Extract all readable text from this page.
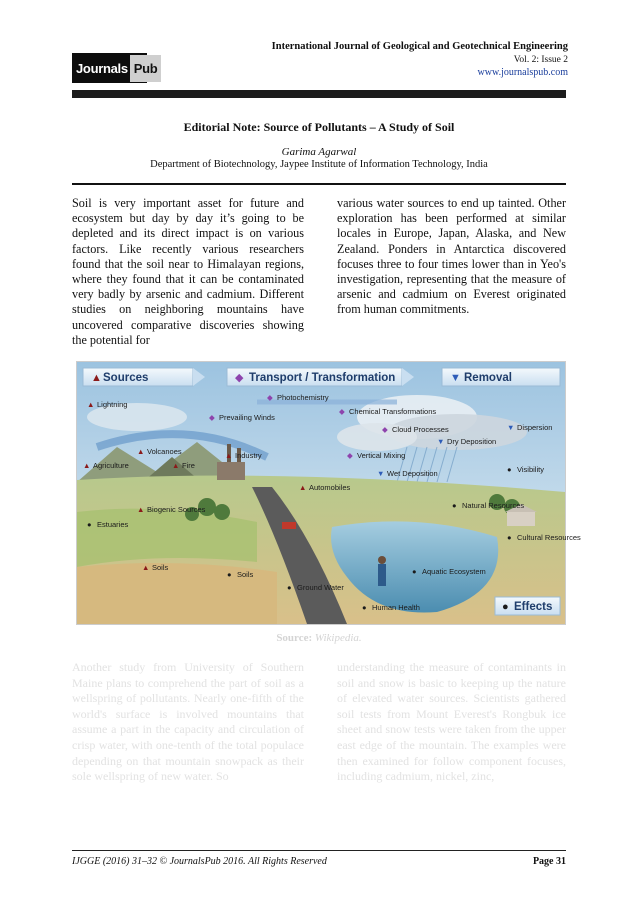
International Journal of Geological and Geotechnical Engineering
Vol. 2: Issue 2
www.journalspub.com
Journals Pub
Editorial Note: Source of Pollutants – A Study of Soil
Garima Agarwal
Department of Biotechnology, Jaypee Institute of Information Technology, India
Soil is very important asset for future and ecosystem but day by day it’s going to be depleted and its direct impact is on various factors. Like recently various researchers found that the soil near to Himalayan regions, where they found that it can be contaminated very badly by arsenic and cadmium. Different studies on neighboring mountains have uncovered comparative discoveries showing the potential for
various water sources to end up tainted. Other exploration has been performed at similar locales in Europe, Japan, Alaska, and New Zealand. Ponders in Antarctica discovered focuses three to four times lower than in Yeo's investigation, representing that the measure of arsenic and cadmium on Everest originated from human commitments.
▲ Sources	◆ Transport / Transformation	▼ Removal
▲ Lightning
◆ Photochemistry
◆ Prevailing Winds
◆ Chemical Transformations
◆ Cloud Processes	▼ Dispersion
▲ Volcanoes
▲ Agriculture	▲ Fire
▲ Industry	◆ Vertical Mixing
▼ Wet Deposition
▼ Dry Deposition
● Visibility
▲ Automobiles
▲ Biogenic Sources
● Estuaries
● Natural Resources
● Cultural Resources
▲ Soils
● Soils
● Ground Water
● Aquatic Ecosystem
● Human Health	● Effects
Source: Wikipedia.
Another study from University of Southern Maine plans to comprehend the part of soil as a wellspring of pollutants. Nearly one-fifth of the world's surface is involved mountains that assume a part in the capacity and circulation of crisp water, with one-tenth of the total populace depending on that mountain snowpack as their sole wellspring of new water. So
understanding the measure of contaminants in soil and snow is basic to keeping up the nature of elevated water sources. Scientists gathered soil tests from Mount Everest's Rongbuk ice sheet and snow tests were taken from the upper east edge of the mountain. The examples were then examined for follow component focuses, including cadmium, nickel, zinc,
IJGGE (2016) 31–32 © JournalsPub 2016. All Rights Reserved	Page 31
